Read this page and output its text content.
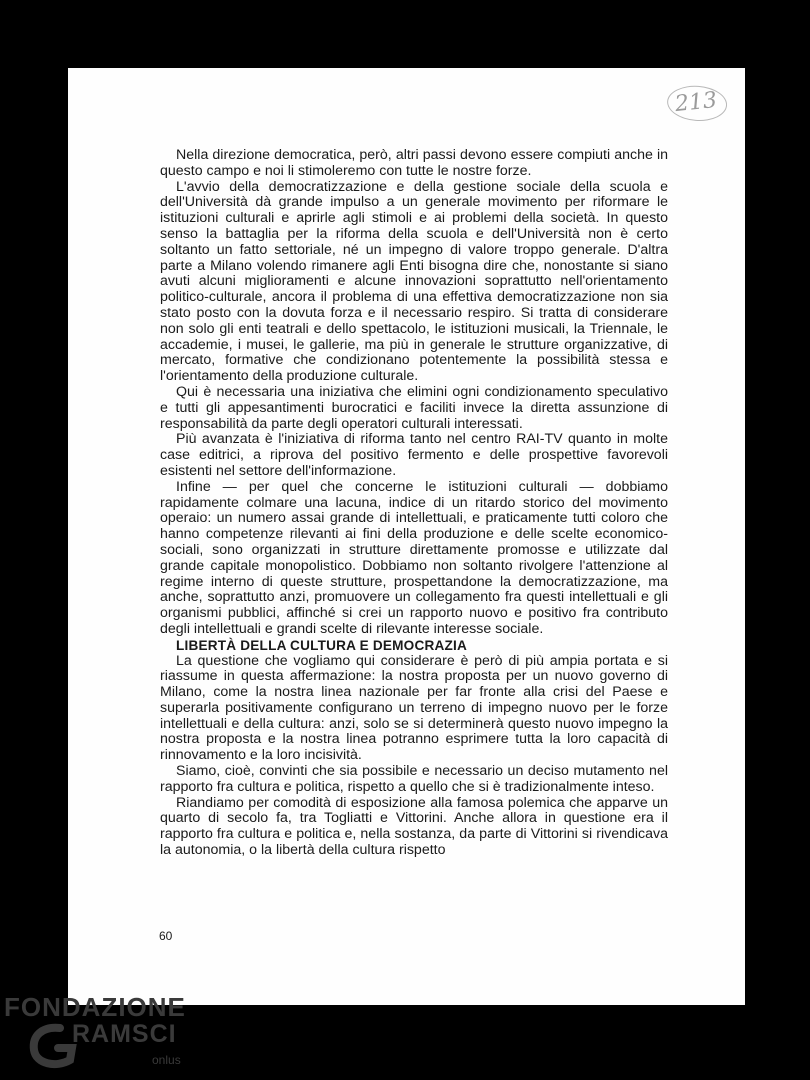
213

Nella direzione democratica, però, altri passi devono essere compiuti anche in questo campo e noi li stimoleremo con tutte le nostre forze.

L'avvio della democratizzazione e della gestione sociale della scuola e dell'Università dà grande impulso a un generale movimento per riformare le istituzioni culturali e aprirle agli stimoli e ai problemi della società. In questo senso la battaglia per la riforma della scuola e dell'Università non è certo soltanto un fatto settoriale, né un impegno di valore troppo generale. D'altra parte a Milano volendo rimanere agli Enti bisogna dire che, nonostante si siano avuti alcuni miglioramenti e alcune innovazioni soprattutto nell'orientamento politico-culturale, ancora il problema di una effettiva democratizzazione non sia stato posto con la dovuta forza e il necessario respiro. Si tratta di considerare non solo gli enti teatrali e dello spettacolo, le istituzioni musicali, la Triennale, le accademie, i musei, le gallerie, ma più in generale le strutture organizzative, di mercato, formative che condizionano potentemente la possibilità stessa e l'orientamento della produzione culturale.

Qui è necessaria una iniziativa che elimini ogni condizionamento speculativo e tutti gli appesantimenti burocratici e faciliti invece la diretta assunzione di responsabilità da parte degli operatori culturali interessati.

Più avanzata è l'iniziativa di riforma tanto nel centro RAI-TV quanto in molte case editrici, a riprova del positivo fermento e delle prospettive favorevoli esistenti nel settore dell'informazione.

Infine — per quel che concerne le istituzioni culturali — dobbiamo rapidamente colmare una lacuna, indice di un ritardo storico del movimento operaio: un numero assai grande di intellettuali, e praticamente tutti coloro che hanno competenze rilevanti ai fini della produzione e delle scelte economico-sociali, sono organizzati in strutture direttamente promosse e utilizzate dal grande capitale monopolistico. Dobbiamo non soltanto rivolgere l'attenzione al regime interno di queste strutture, prospettandone la democratizzazione, ma anche, soprattutto anzi, promuovere un collegamento fra questi intellettuali e gli organismi pubblici, affinché si crei un rapporto nuovo e positivo fra contributo degli intellettuali e grandi scelte di rilevante interesse sociale.

LIBERTÀ DELLA CULTURA E DEMOCRAZIA

La questione che vogliamo qui considerare è però di più ampia portata e si riassume in questa affermazione: la nostra proposta per un nuovo governo di Milano, come la nostra linea nazionale per far fronte alla crisi del Paese e superarla positivamente configurano un terreno di impegno nuovo per le forze intellettuali e della cultura: anzi, solo se si determinerà questo nuovo impegno la nostra proposta e la nostra linea potranno esprimere tutta la loro capacità di rinnovamento e la loro incisività.

Siamo, cioè, convinti che sia possibile e necessario un deciso mutamento nel rapporto fra cultura e politica, rispetto a quello che si è tradizionalmente inteso.

Riandiamo per comodità di esposizione alla famosa polemica che apparve un quarto di secolo fa, tra Togliatti e Vittorini. Anche allora in questione era il rapporto fra cultura e politica e, nella sostanza, da parte di Vittorini si rivendicava la autonomia, o la libertà della cultura rispetto

60
FONDAZIONE
RAMSCI
onlus
